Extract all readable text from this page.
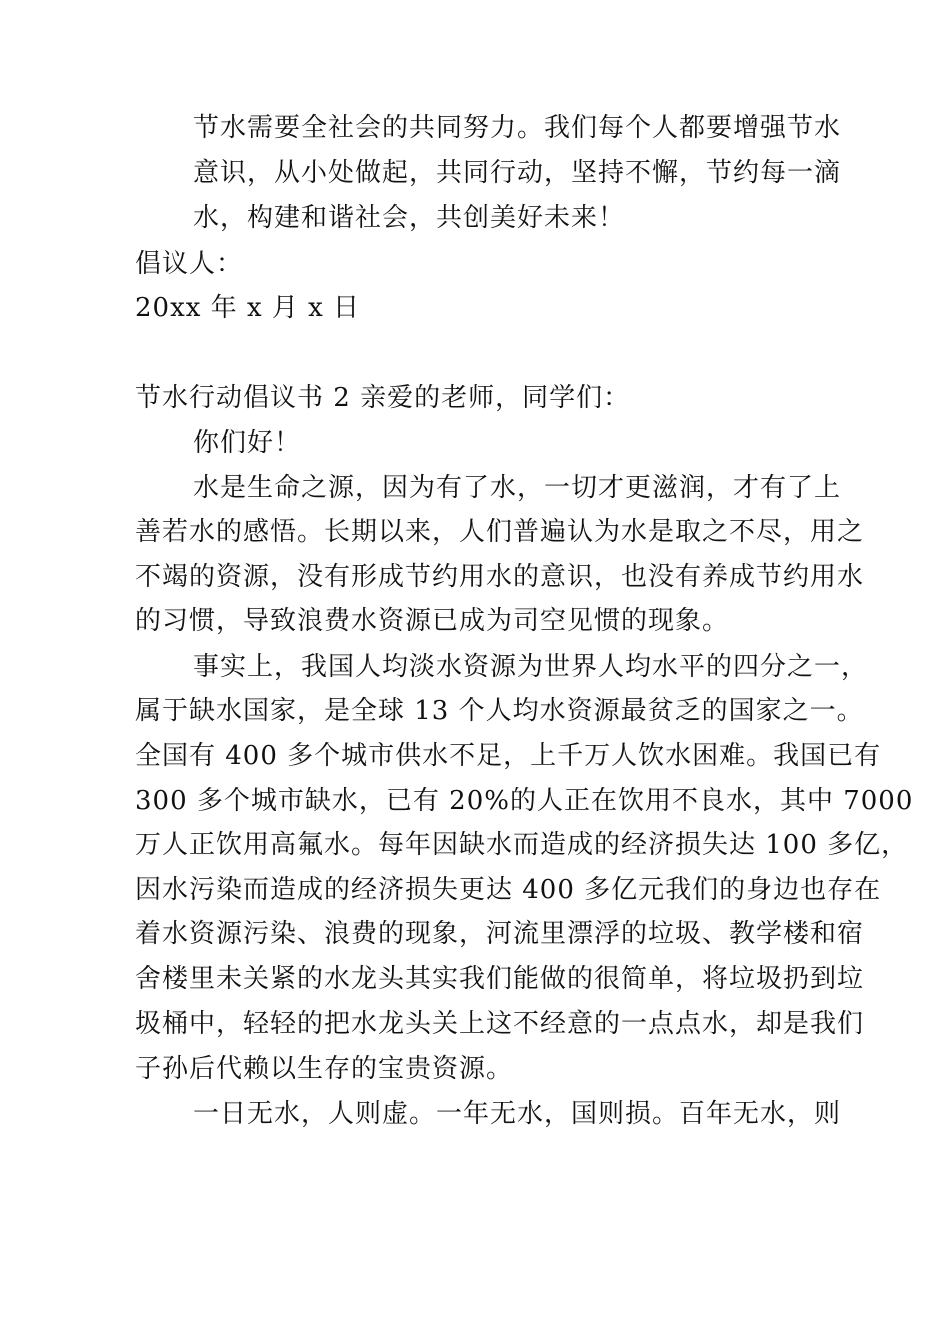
节水需要全社会的共同努力。我们每个人都要增强节水
意识，从小处做起，共同行动，坚持不懈，节约每一滴
水，构建和谐社会，共创美好未来！
倡议人：
20xx 年 x 月 x 日
节水行动倡议书 2 亲爱的老师，同学们：
你们好！
水是生命之源，因为有了水，一切才更滋润，才有了上
善若水的感悟。长期以来，人们普遍认为水是取之不尽，用之
不竭的资源，没有形成节约用水的意识，也没有养成节约用水
的习惯，导致浪费水资源已成为司空见惯的现象。
事实上，我国人均淡水资源为世界人均水平的四分之一，
属于缺水国家，是全球 13 个人均水资源最贫乏的国家之一。
全国有 400 多个城市供水不足，上千万人饮水困难。我国已有
300 多个城市缺水，已有 20%的人正在饮用不良水，其中 7000
万人正饮用高氟水。每年因缺水而造成的经济损失达 100 多亿，
因水污染而造成的经济损失更达 400 多亿元我们的身边也存在
着水资源污染、浪费的现象，河流里漂浮的垃圾、教学楼和宿
舍楼里未关紧的水龙头其实我们能做的很简单，将垃圾扔到垃
圾桶中，轻轻的把水龙头关上这不经意的一点点水，却是我们
子孙后代赖以生存的宝贵资源。
一日无水，人则虚。一年无水，国则损。百年无水，则
